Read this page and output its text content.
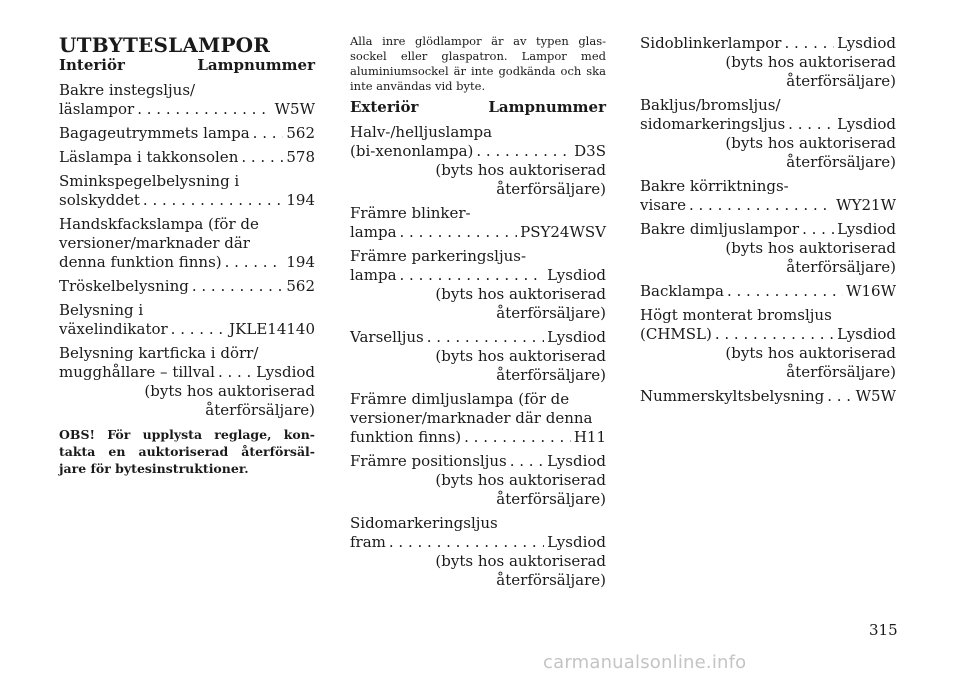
UTBYTESLAMPOR
Interiör	Lampnummer
Bakre instegsljus/
läslampor . . .	W5W
Bagageutrymmets lampa . . . 562
Läslampa i takkonsolen . . .	578
Sminkspegelbelysning i
solskyddet . . .	194
Handskfackslampa (för de
versioner/marknader där
denna funktion finns) . . .	194
Tröskelbelysning . . .	562
Belysning i
växelindikator . . .	JKLE14140
Belysning kartficka i dörr/
mugghållare – tillval . . .	Lysdiod
(byts hos auktoriserad
återförsäljare)
OBS! För upplysta reglage, kon-takta en auktoriserad återförsäl-jare för bytesinstruktioner.
Alla inre glödlampor är av typen glas-sockel eller glaspatron. Lampor med aluminiumsockel är inte godkända och ska inte användas vid byte.
Exteriör	Lampnummer
Halv-/helljuslampa
(bi-xenonlampa) . . .	D3S
(byts hos auktoriserad
återförsäljare)
Främre blinker-
lampa . . .	PSY24WSV
Främre parkeringsljus-
lampa . . .	Lysdiod
(byts hos auktoriserad
återförsäljare)
Varselljus . . .	Lysdiod
(byts hos auktoriserad
återförsäljare)
Främre dimljuslampa (för de
versioner/marknader där denna
funktion finns) . . .	H11
Främre positionsljus . . .	Lysdiod
(byts hos auktoriserad
återförsäljare)
Sidomarkeringsljus
fram . . .	Lysdiod
(byts hos auktoriserad
återförsäljare)
Sidoblinkerlampor . . .	Lysdiod
(byts hos auktoriserad
återförsäljare)
Bakljus/bromsljus/
sidomarkeringsljus . . .	Lysdiod
(byts hos auktoriserad
återförsäljare)
Bakre körriktnings-
visare . . .	WY21W
Bakre dimljuslampor . . .	Lysdiod
(byts hos auktoriserad
återförsäljare)
Backlampa . . .	W16W
Högt monterat bromsljus
(CHMSL) . . .	Lysdiod
(byts hos auktoriserad
återförsäljare)
Nummerskyltsbelysning . . . W5W
315
carmanualsonline.info
